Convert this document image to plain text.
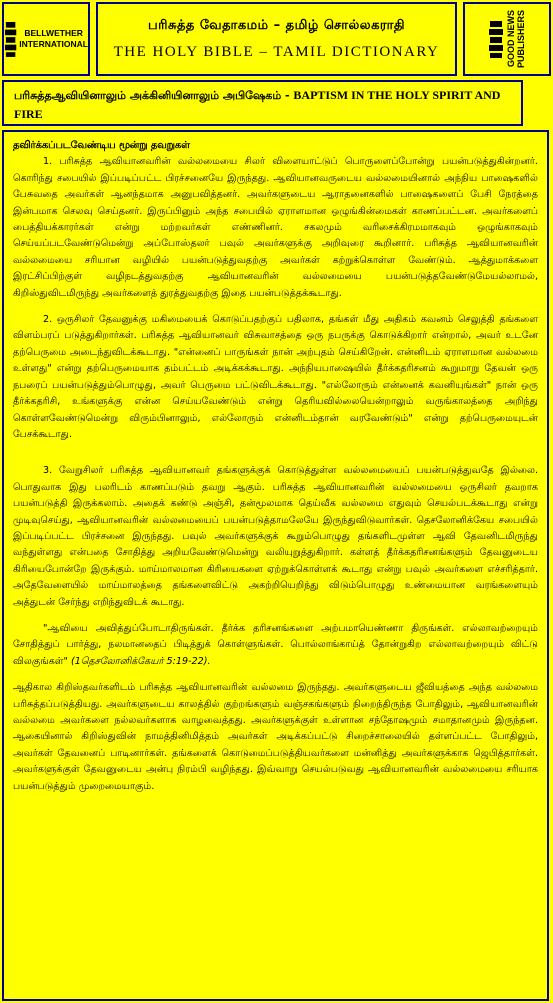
BELLWETHER
INTERNATIONAL
பரிசுத்த வேதாகமம் – தமிழ் சொல்லகராதி
THE HOLY BIBLE – TAMIL DICTIONARY	GOOD NEWS PUBLISHERS
பரிசுத்தஆவியினாலும் அக்கினியினாலும் அபிஷேகம் - BAPTISM IN THE HOLY SPIRIT AND FIRE
தவிர்க்கப்படவேண்டிய மூன்று தவறுகள்

1. பரிசுத்த ஆவியானவரின் வல்லமையை சிலர் விளையாட்டுப் பொருளைப்போன்று பயன்படுத்துகின்றனர். கொரிந்து சபையில் இப்படிப்பட்ட பிரச்சனையே இருந்தது. ஆவியானவருடைய வல்லமையினால் அந்நிய பாஷைகளில் பேசுவதை அவர்கள் ஆனந்தமாக அனுபவித்தனர். அவர்களுடைய ஆராதனைகளில் பாஷைகளைப் பேசி நேரத்தை இன்பமாக செலவு செய்தனர். இருப்பினும் அந்த சபையில் ஏராளமான ஒழுங்கின்மைகள் காணப்பட்டன. அவர்களைப் பைத்தியக்காரர்கள் என்று மற்றவர்கள் எண்ணினர். சகலமும் வரிசைக்கிரமமாகவும் ஒழுங்காகவும் செய்யப்படவேண்டுமென்று அப்போஸ்தலர் பவுல் அவர்களுக்கு அறிவுரை கூறினார். பரிசுத்த ஆவியானவரின் வல்லமையை சரியான வழியில் பயன்படுத்துவதற்கு அவர்கள் கற்றுக்கொள்ள வேண்டும். ஆத்துமாக்களை இரட்சிப்பிற்குள் வழிநடத்துவதற்கு ஆவியானவரின் வல்லமையை பயன்படுத்தவேண்டுமேயல்லாமல், கிறிஸ்துவிடமிருந்து அவர்களைத் துரத்துவதற்கு இதை பயன்படுத்தக்கூடாது.

2. ஒருசிலர் தேவனுக்கு மகிமையைக் கொடுப்பதற்குப் பதிலாக, தங்கள் மீது அதிகம் கவனம் செலுத்தி தங்களை விளம்பரப் படுத்துகிறார்கள். பரிசுத்த ஆவியானவர் விசுவாசத்தை ஒரு நபருக்கு கொடுக்கிறார் என்றால், அவர் உடனே தற்பெருமை அடைந்துவிடக்கூடாது. "என்னைப் பாருங்கள் நான் அற்புதம் செய்கிறேன். என்னிடம் ஏராளமான வல்லமை உள்ளது" என்று தற்பெருமையாக தம்பட்டம் அடிக்கக்கூடாது. அந்நியபாஷையில் தீர்க்கதரிசனம் கூறுமாறு தேவன் ஒரு நபரைப் பயன்படுத்தும்பொழுது, அவர் பெருமை பட்டுவிடக்கூடாது. "எல்லோரும் என்னைக் கவனியுங்கள்" நான் ஒரு தீர்க்கதரிசி, உங்களுக்கு என்ன செய்யவேண்டும் என்று தெரியவில்லையென்றாலும் வருங்காலத்தை அறிந்து கொள்ளவேண்டுமென்று விரும்பினாலும், எல்லோரும் என்னிடம்தான் வரவேண்டும்" என்று தற்பெருமையுடன் பேசக்கூடாது.

3. வேறுசிலர் பரிசுத்த ஆவியானவர் தங்களுக்குக் கொடுத்துள்ள வல்லமையைப் பயன்படுத்துவதே இல்லை. பொதுவாக இது பலரிடம் காணப்படும் தவறு ஆகும். பரிசுத்த ஆவியானவரின் வல்லமையை ஒருசிலர் தவறாக பயன்படுத்தி இருக்கலாம். அதைக் கண்டு அஞ்சி, தன்மூலமாக தெய்வீக வல்லமை எதுவும் செயல்படக்கூடாது என்று முடிவுசெய்து, ஆவியானவரின் வல்லமையைப் பயன்படுத்தாமலேயே இருந்துவிடுவார்கள். தெசலோனிக்கேய சபையில் இப்படிப்பட்ட பிரச்சனை இருந்தது. பவுல் அவர்களுக்குக் கூறும்பொழுது தங்களிடமுள்ள ஆவி தேவனிடமிருந்து வந்துள்ளது என்பதை சோதித்து அறியவேண்டுமென்று வலியுறுத்துகிறார். கள்ளத் தீர்க்கதரிசனங்களும் தேவனுடைய கிரியைபோன்றே இருக்கும். மாய்மாலமான கிரியைகளை ஏற்றுக்கொள்ளக் கூடாது என்று பவுல் அவர்களை எச்சரித்தார். அதேவேளையில் மாய்மாலத்தை தங்களைவிட்டு அகற்றியெறிந்து விடும்பொழுது உண்மையான வரங்களையும் அத்துடன் சேர்ந்து எறிந்துவிடக் கூடாது.

"ஆவியை அவித்துப்போடாதிருங்கள். தீர்க்க தரிசனங்களை அற்பமாயெண்ணா திருங்கள். எல்லாவற்றையும் சோதித்துப் பார்த்து, நலமானதைப் பிடித்துக் கொள்ளுங்கள். பொல்லாங்காய்த் தோன்றுகிற எல்லாவற்றையும் விட்டு விலகுங்கள்" (1தெசலோனிக்கேயர் 5:19-22).

ஆதிகால கிறிஸ்தவர்களிடம் பரிசுத்த ஆவியானவரின் வல்லமை இருந்தது. அவர்களுடைய ஜீவியத்தை அந்த வல்லமை பரிசுத்தப்படுத்தியது. அவர்களுடைய காலத்தில் குற்றங்களும் வஞ்சகங்களும் நிறைந்திருந்த போதிலும், ஆவியானவரின் வல்லமை அவர்களை நல்லவர்களாக வாழவைத்தது. அவர்களுக்குள் உள்ளான சந்தோஷமும் சமாதானமும் இருந்தன. ஆகையினால் கிறிஸ்துவின் நாமத்தினிமித்தம் அவர்கள் அடிக்கப்பட்டு சிறைச்சாலையில் தள்ளப்பட்ட போதிலும், அவர்கள் தேவனைப் பாடினார்கள். தங்களைக் கொடுமைப்படுத்தியவர்களை மன்னித்து அவர்களுக்காக ஜெபித்தார்கள். அவர்களுக்குள் தேவனுடைய அன்பு நிரம்பி வழிந்தது. இவ்வாறு செயல்படுவது ஆவியானவரின் வல்லமையை சரியாக பயன்படுத்தும் முறைமையாகும்.
